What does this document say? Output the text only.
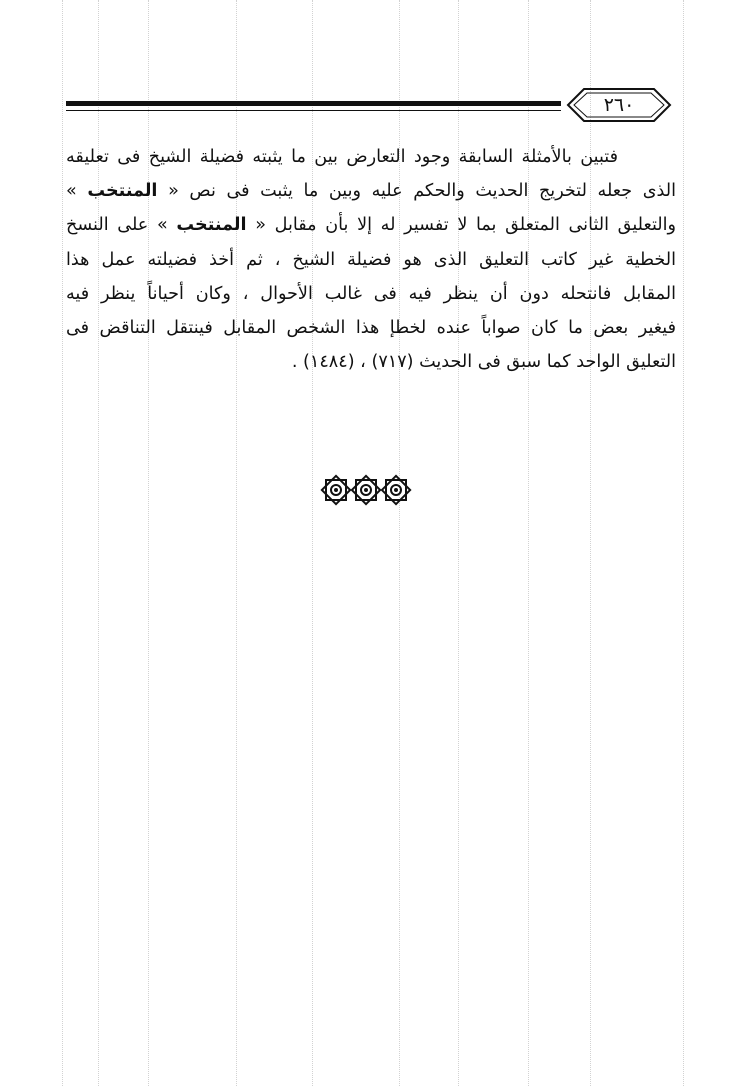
٢٦٠
فتبين بالأمثلة السابقة وجود التعارض بين ما يثبته فضيلة الشيخ فى تعليقه
الذى جعله لتخريج الحديث والحكم عليه وبين ما يثبت فى نص « المنتخب »
والتعليق الثانى المتعلق بما لا تفسير له إلا بأن مقابل « المنتخب » على النسخ
الخطية غير كاتب التعليق الذى هو فضيلة الشيخ ، ثم أخذ فضيلته عمل هذا
المقابل فانتحله دون أن ينظر فيه فى غالب الأحوال ، وكان أحياناً ينظر فيه
فيغير بعض ما كان صواباً عنده لخطإ هذا الشخص المقابل فينتقل التناقض فى
التعليق الواحد كما سبق فى الحديث (٧١٧) ، (١٤٨٤) .
